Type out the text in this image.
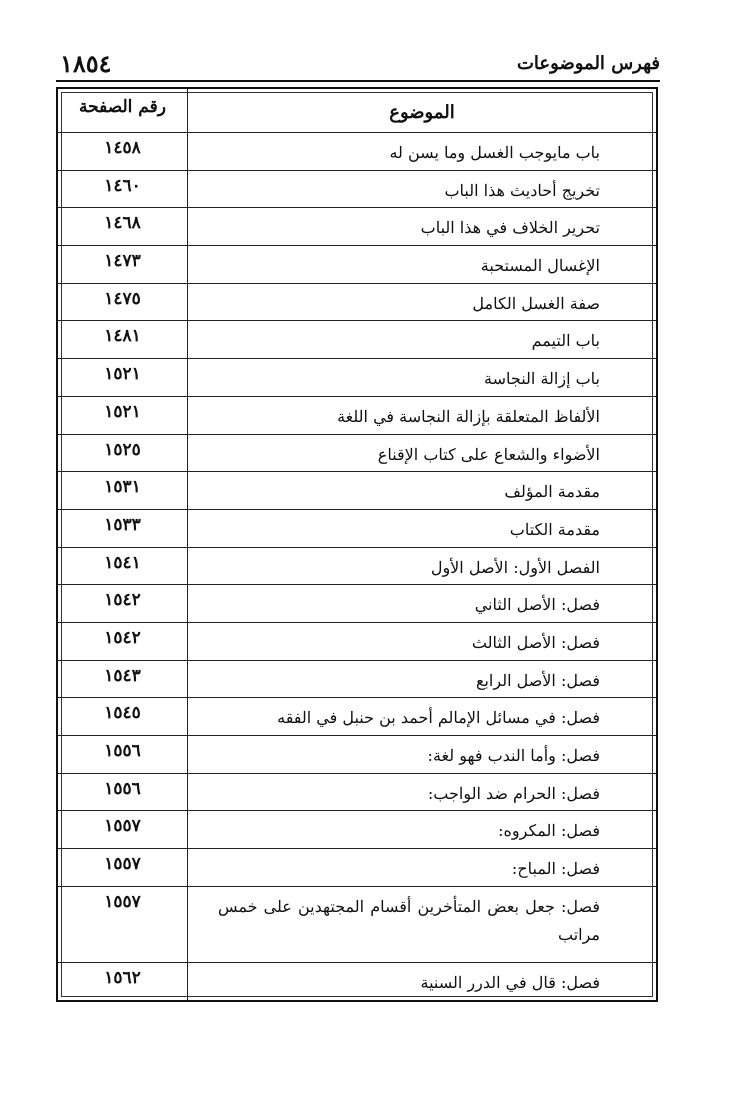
فهرس الموضوعات
١٨٥٤
الموضوع
رقم الصفحة
باب مايوجب الغسل وما يسن له
١٤٥٨
تخريج أحاديث هذا الباب
١٤٦٠
تحرير الخلاف في هذا الباب
١٤٦٨
الإغسال المستحبة
١٤٧٣
صفة الغسل الكامل
١٤٧٥
باب التيمم
١٤٨١
باب إزالة النجاسة
١٥٢١
الألفاظ المتعلقة بإزالة النجاسة في اللغة
١٥٢١
الأضواء والشعاع على كتاب الإقناع
١٥٢٥
مقدمة المؤلف
١٥٣١
مقدمة الكتاب
١٥٣٣
الفصل الأول: الأصل الأول
١٥٤١
فصل: الأصل الثاني
١٥٤٢
فصل: الأصل الثالث
١٥٤٢
فصل: الأصل الرابع
١٥٤٣
فصل: في مسائل الإمالم أحمد بن حنبل في الفقه
١٥٤٥
فصل: وأما الندب فهو لغة:
١٥٥٦
فصل: الحرام ضد الواجب:
١٥٥٦
فصل: المكروه:
١٥٥٧
فصل: المباح:
١٥٥٧
فصل: جعل بعض المتأخرين أقسام المجتهدين على خمس مراتب
١٥٥٧
فصل: قال في الدرر السنية
١٥٦٢
